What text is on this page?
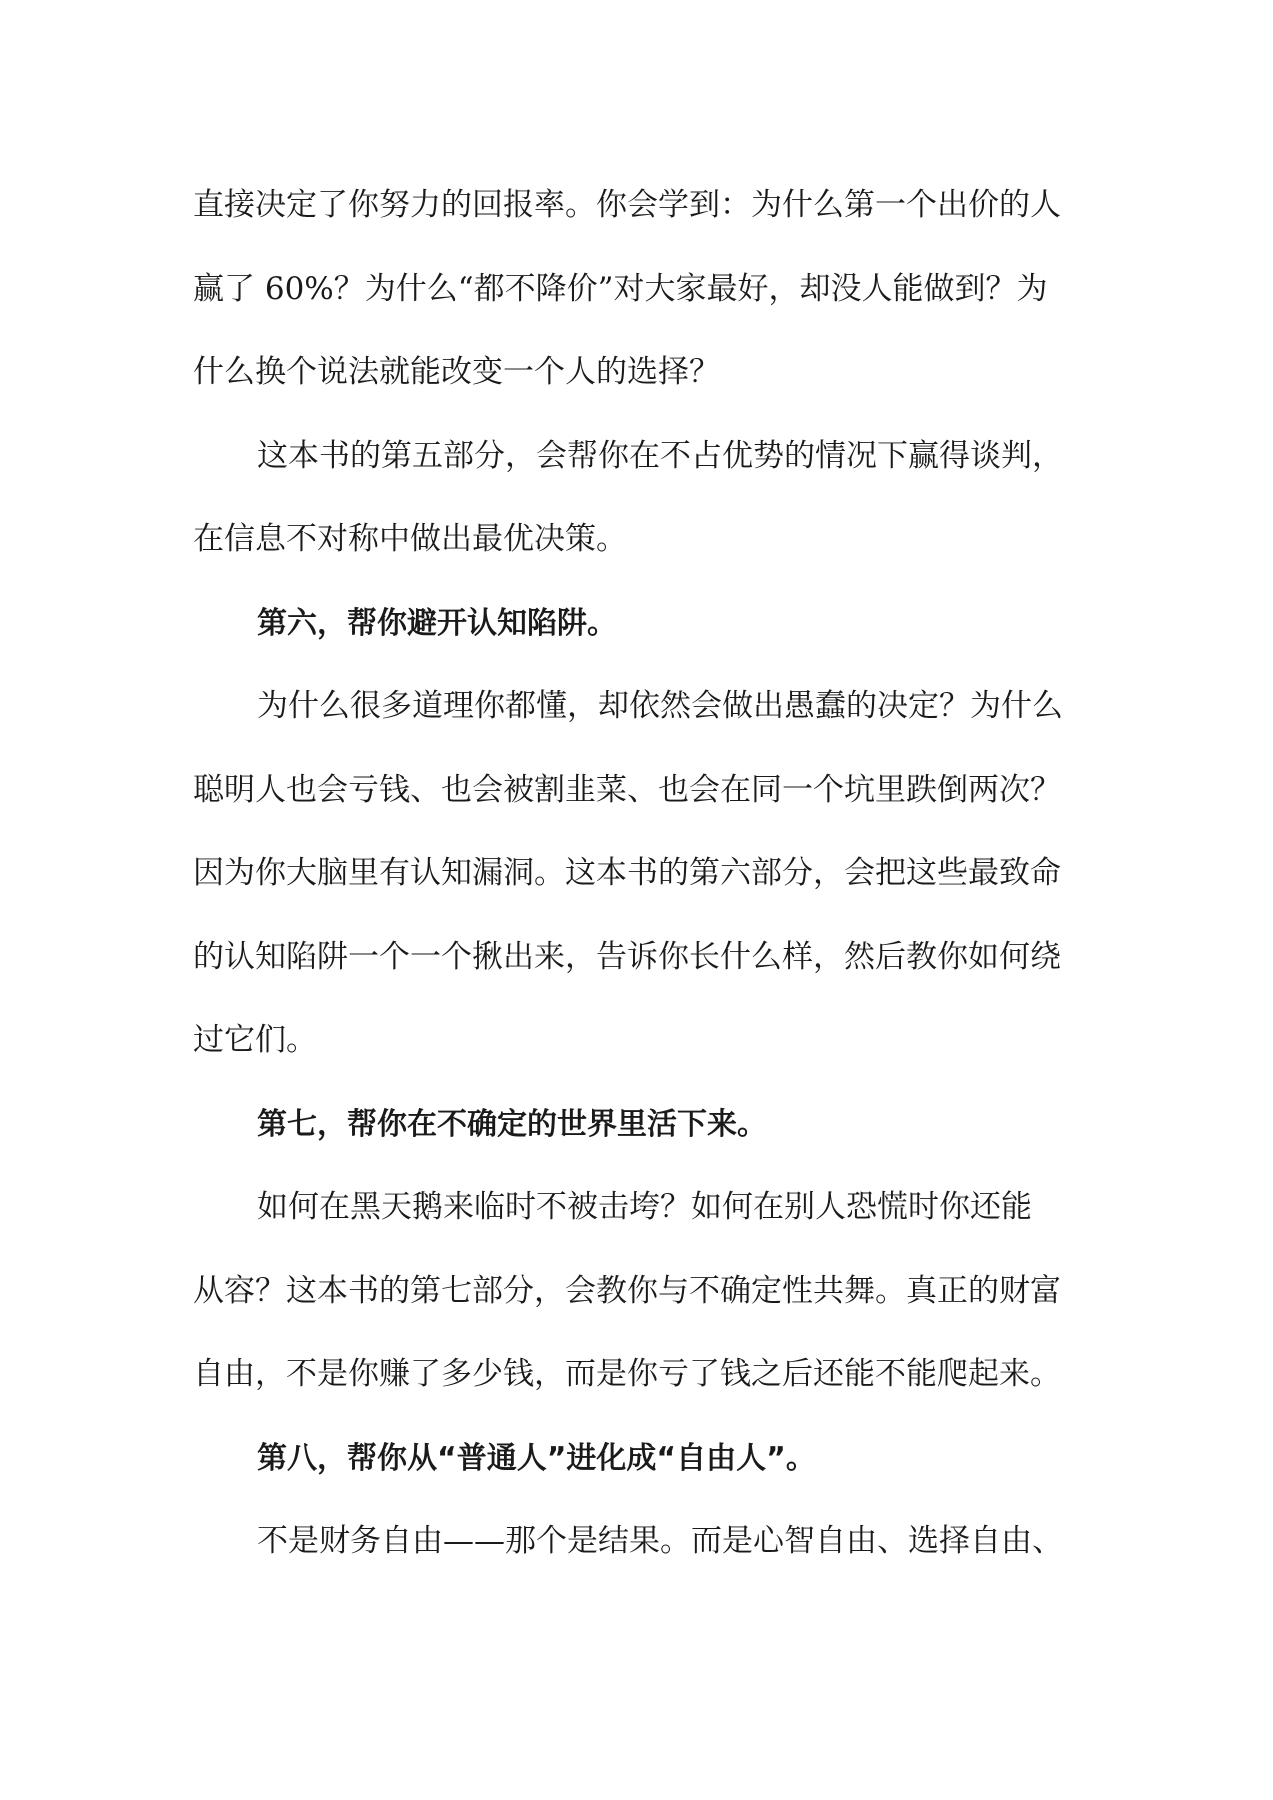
直接决定了你努力的回报率。你会学到：为什么第一个出价的人
赢了 60%？为什么“都不降价”对大家最好，却没人能做到？为
什么换个说法就能改变一个人的选择？
这本书的第五部分，会帮你在不占优势的情况下赢得谈判，
在信息不对称中做出最优决策。
第六，帮你避开认知陷阱。
为什么很多道理你都懂，却依然会做出愚蠢的决定？为什么
聪明人也会亏钱、也会被割韭菜、也会在同一个坑里跌倒两次？
因为你大脑里有认知漏洞。这本书的第六部分，会把这些最致命
的认知陷阱一个一个揪出来，告诉你长什么样，然后教你如何绕
过它们。
第七，帮你在不确定的世界里活下来。
如何在黑天鹅来临时不被击垮？如何在别人恐慌时你还能
从容？这本书的第七部分，会教你与不确定性共舞。真正的财富
自由，不是你赚了多少钱，而是你亏了钱之后还能不能爬起来。
第八，帮你从“普通人”进化成“自由人”。
不是财务自由——那个是结果。而是心智自由、选择自由、
